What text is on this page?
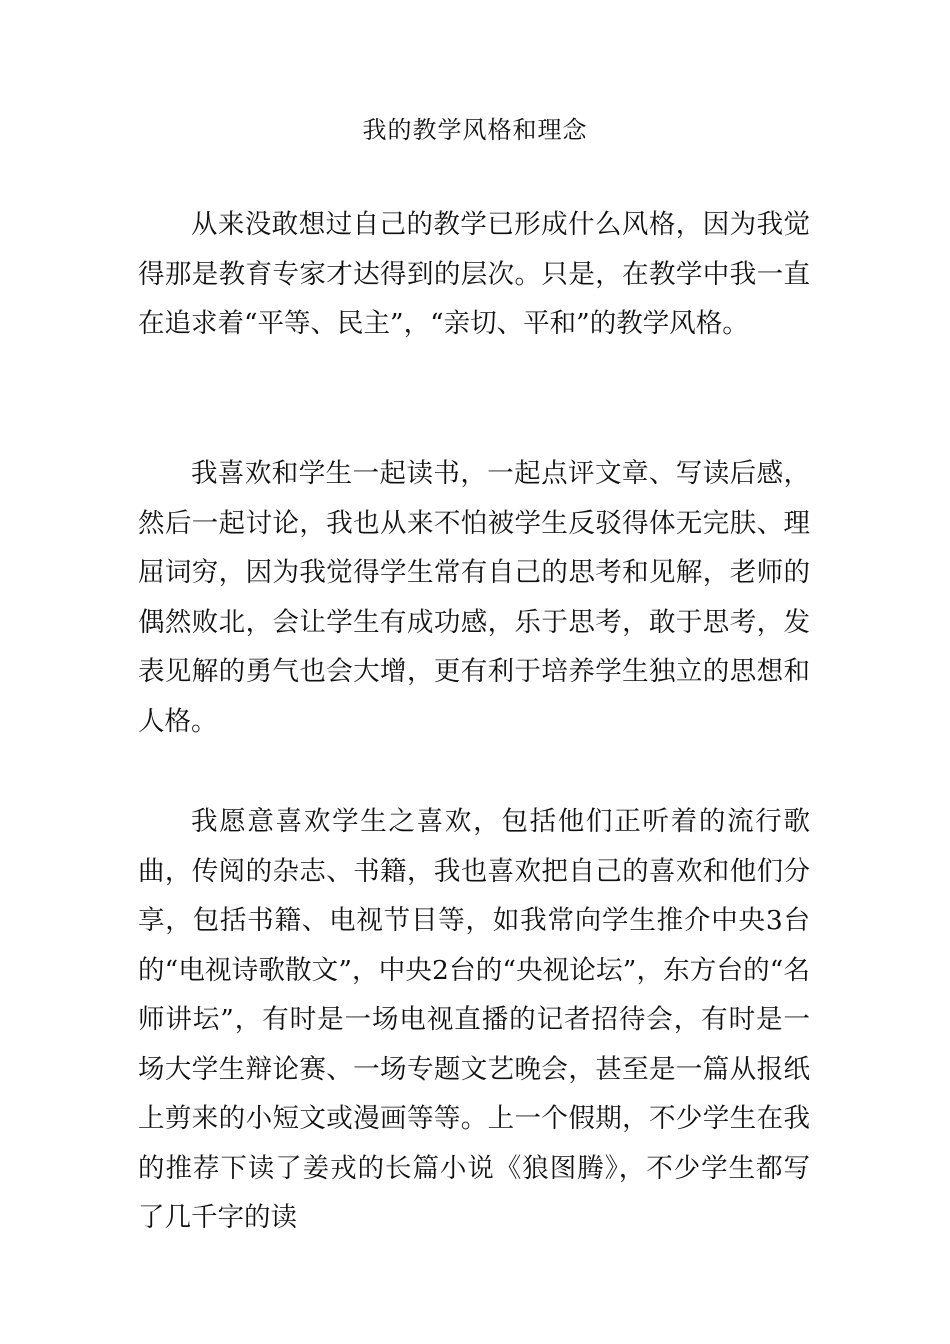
我的教学风格和理念

从来没敢想过自己的教学已形成什么风格，因为我觉得那是教育专家才达得到的层次。只是，在教学中我一直在追求着“平等、民主”，“亲切、平和”的教学风格。

我喜欢和学生一起读书，一起点评文章、写读后感，然后一起讨论，我也从来不怕被学生反驳得体无完肤、理屈词穷，因为我觉得学生常有自己的思考和见解，老师的偶然败北，会让学生有成功感，乐于思考，敢于思考，发表见解的勇气也会大增，更有利于培养学生独立的思想和人格。

我愿意喜欢学生之喜欢，包括他们正听着的流行歌曲，传阅的杂志、书籍，我也喜欢把自己的喜欢和他们分享，包括书籍、电视节目等，如我常向学生推介中央3台的“电视诗歌散文”，中央2台的“央视论坛”，东方台的“名师讲坛”，有时是一场电视直播的记者招待会，有时是一场大学生辩论赛、一场专题文艺晚会，甚至是一篇从报纸上剪来的小短文或漫画等等。上一个假期，不少学生在我的推荐下读了姜戎的长篇小说《狼图腾》，不少学生都写了几千字的读
